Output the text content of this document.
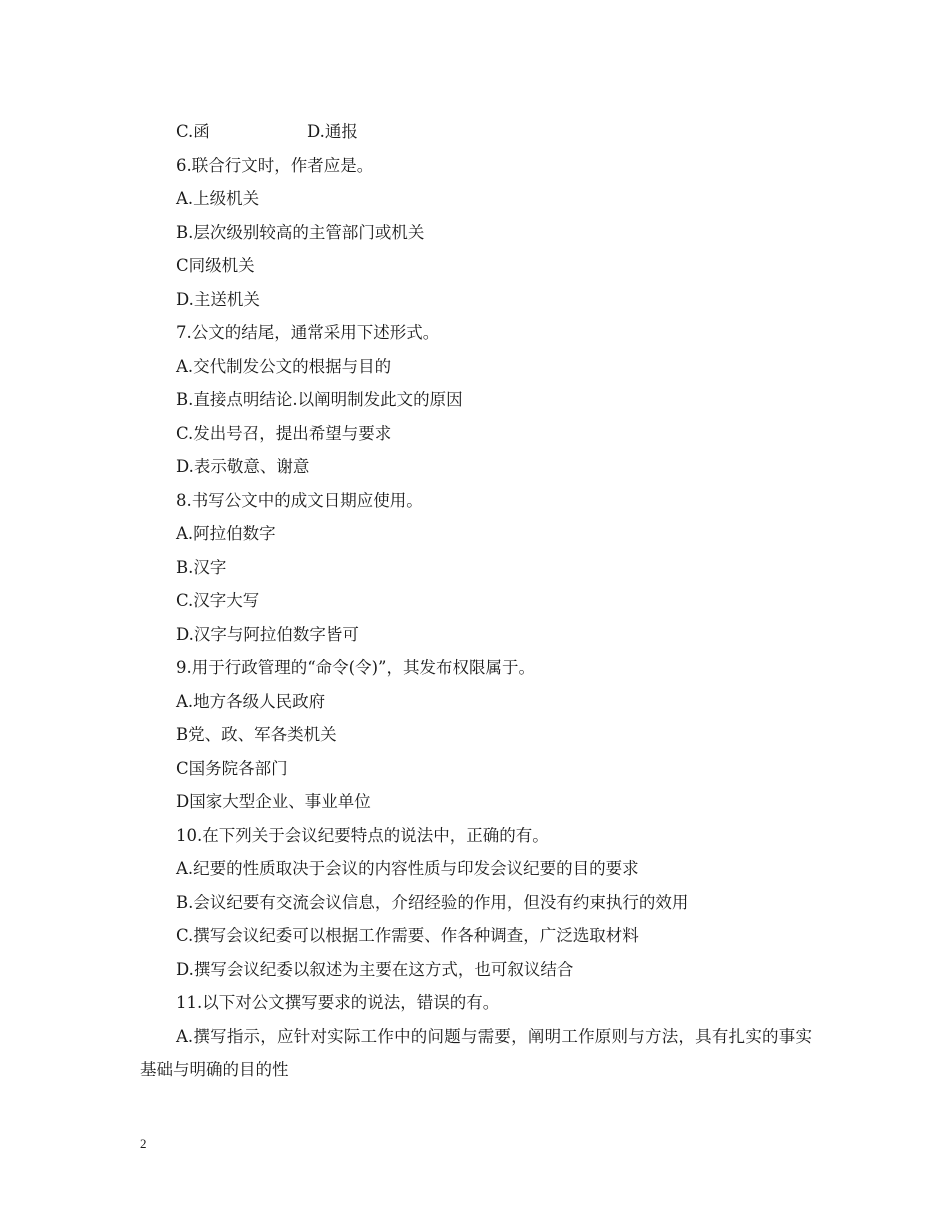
C.函	D.通报
6.联合行文时，作者应是。
A.上级机关
B.层次级别较高的主管部门或机关
C同级机关
D.主送机关
7.公文的结尾，通常采用下述形式。
A.交代制发公文的根据与目的
B.直接点明结论.以阐明制发此文的原因
C.发出号召，提出希望与要求
D.表示敬意、谢意
8.书写公文中的成文日期应使用。
A.阿拉伯数字
B.汉字
C.汉字大写
D.汉字与阿拉伯数字皆可
9.用于行政管理的“命令(令)”，其发布权限属于。
A.地方各级人民政府
B党、政、军各类机关
C国务院各部门
D国家大型企业、事业单位
10.在下列关于会议纪要特点的说法中，正确的有。
A.纪要的性质取决于会议的内容性质与印发会议纪要的目的要求
B.会议纪要有交流会议信息，介绍经验的作用，但没有约束执行的效用
C.撰写会议纪委可以根据工作需要、作各种调查，广泛选取材料
D.撰写会议纪委以叙述为主要在这方式，也可叙议结合
11.以下对公文撰写要求的说法，错误的有。
A.撰写指示，应针对实际工作中的问题与需要，阐明工作原则与方法，具有扎实的事实基础与明确的目的性
2
